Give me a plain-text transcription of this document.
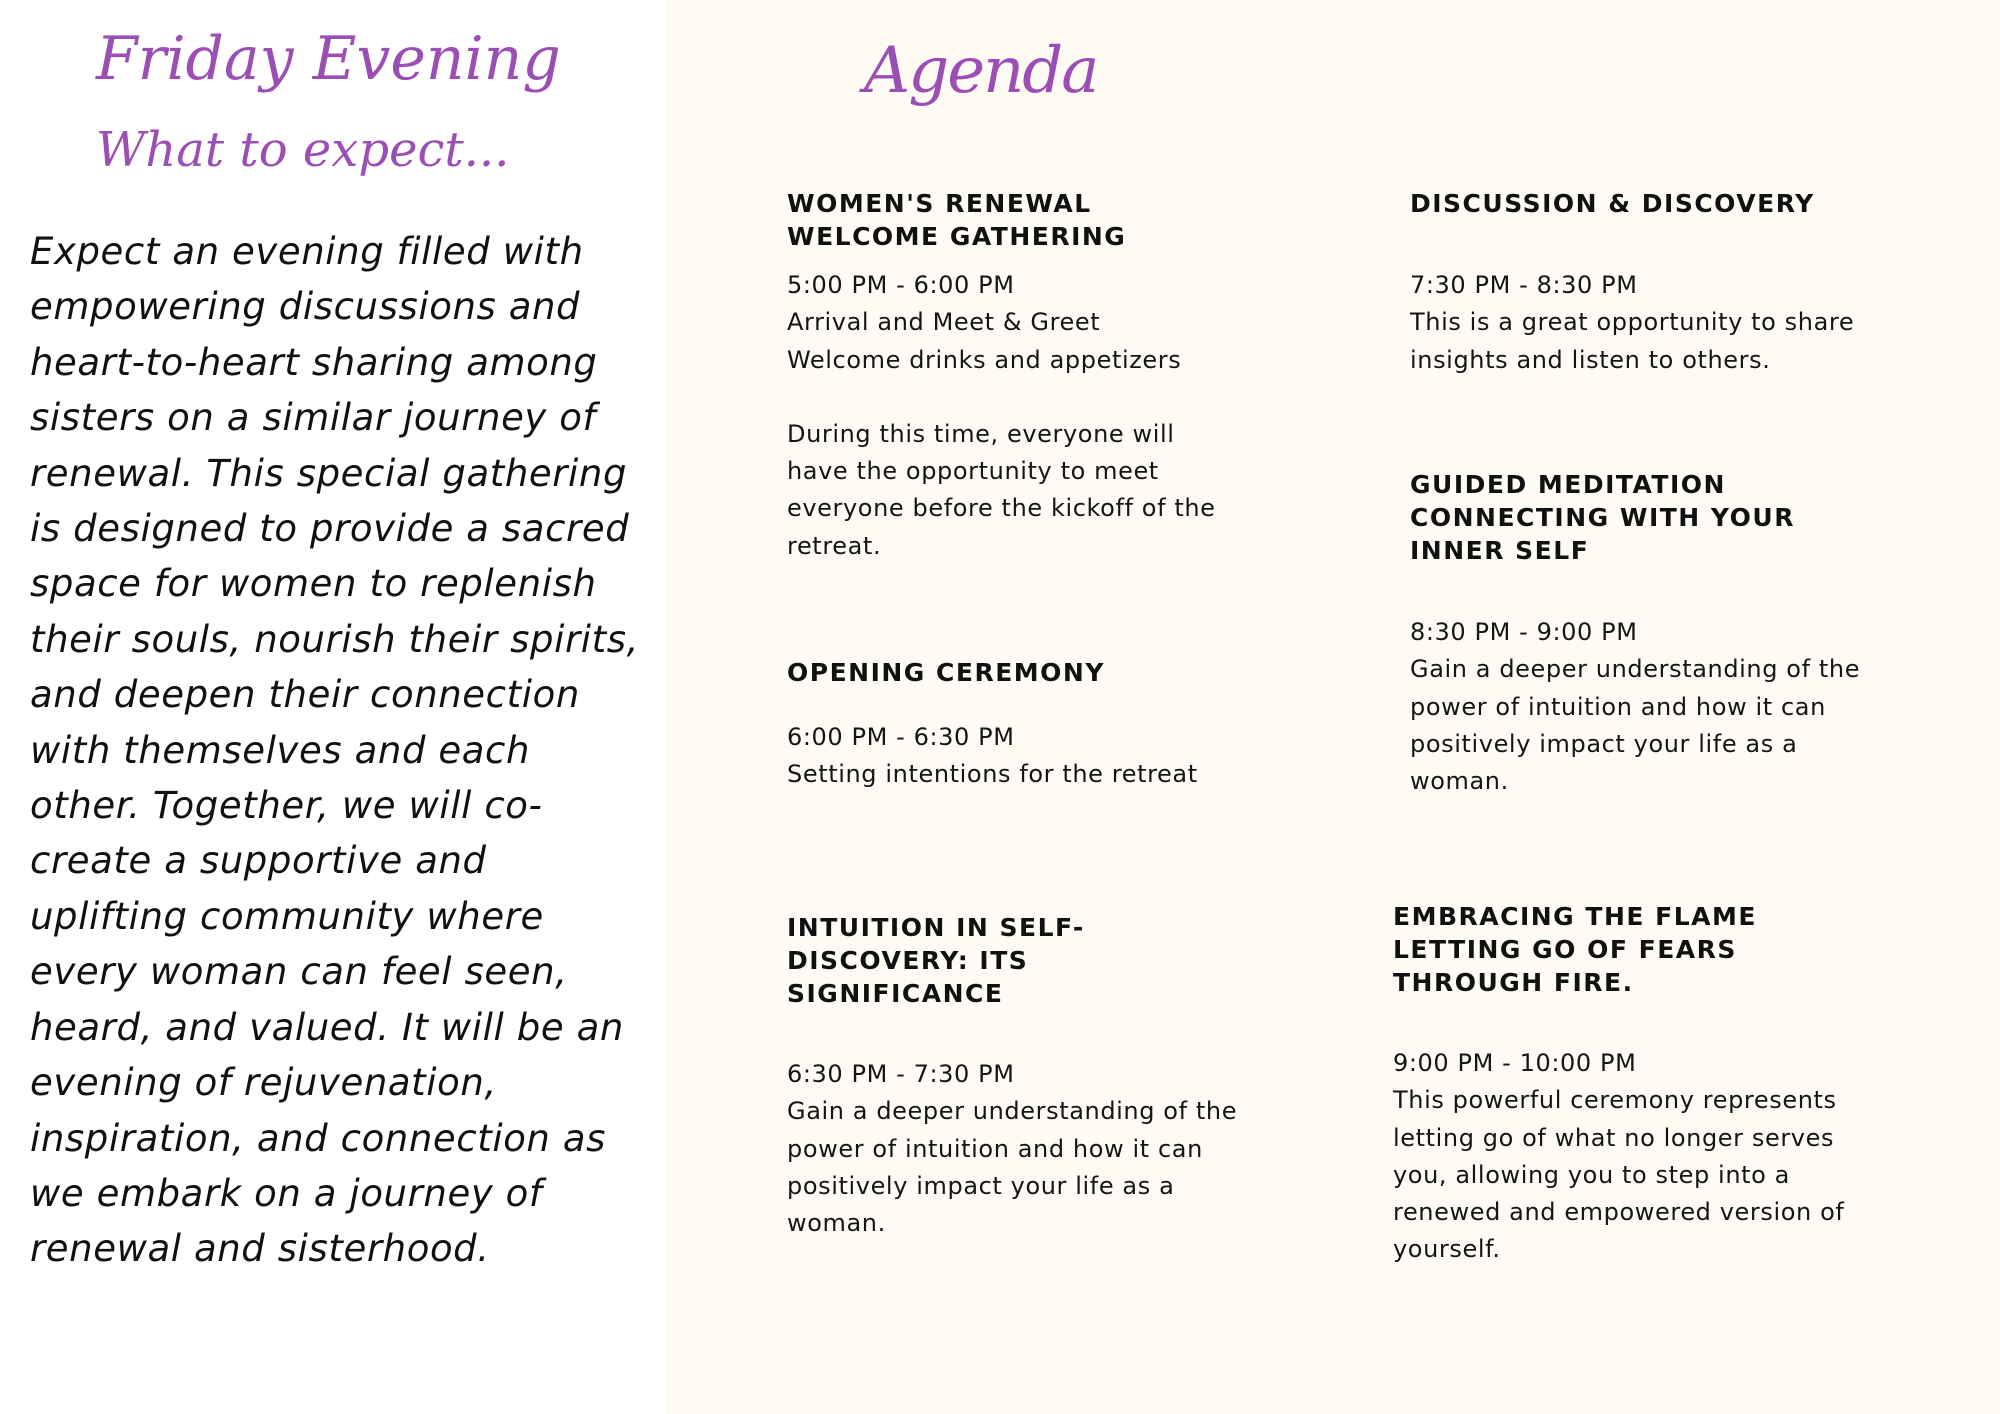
Friday Evening
What to expect...

Expect an evening filled with empowering discussions and heart-to-heart sharing among sisters on a similar journey of renewal. This special gathering is designed to provide a sacred space for women to replenish their souls, nourish their spirits, and deepen their connection with themselves and each other. Together, we will co-create a supportive and uplifting community where every woman can feel seen, heard, and valued. It will be an evening of rejuvenation, inspiration, and connection as we embark on a journey of renewal and sisterhood.

Agenda
WOMEN'S RENEWAL WELCOME GATHERING
5:00 PM - 6:00 PM
Arrival and Meet & Greet
Welcome drinks and appetizers
During this time, everyone will have the opportunity to meet everyone before the kickoff of the retreat.
OPENING CEREMONY
6:00 PM - 6:30 PM
Setting intentions for the retreat
INTUITION IN SELF-DISCOVERY: ITS SIGNIFICANCE
6:30 PM - 7:30 PM
Gain a deeper understanding of the power of intuition and how it can positively impact your life as a woman.
DISCUSSION & DISCOVERY
7:30 PM - 8:30 PM
This is a great opportunity to share insights and listen to others.
GUIDED MEDITATION CONNECTING WITH YOUR INNER SELF
8:30 PM - 9:00 PM
Gain a deeper understanding of the power of intuition and how it can positively impact your life as a woman.
EMBRACING THE FLAME LETTING GO OF FEARS THROUGH FIRE.
9:00 PM - 10:00 PM
This powerful ceremony represents letting go of what no longer serves you, allowing you to step into a renewed and empowered version of yourself.
